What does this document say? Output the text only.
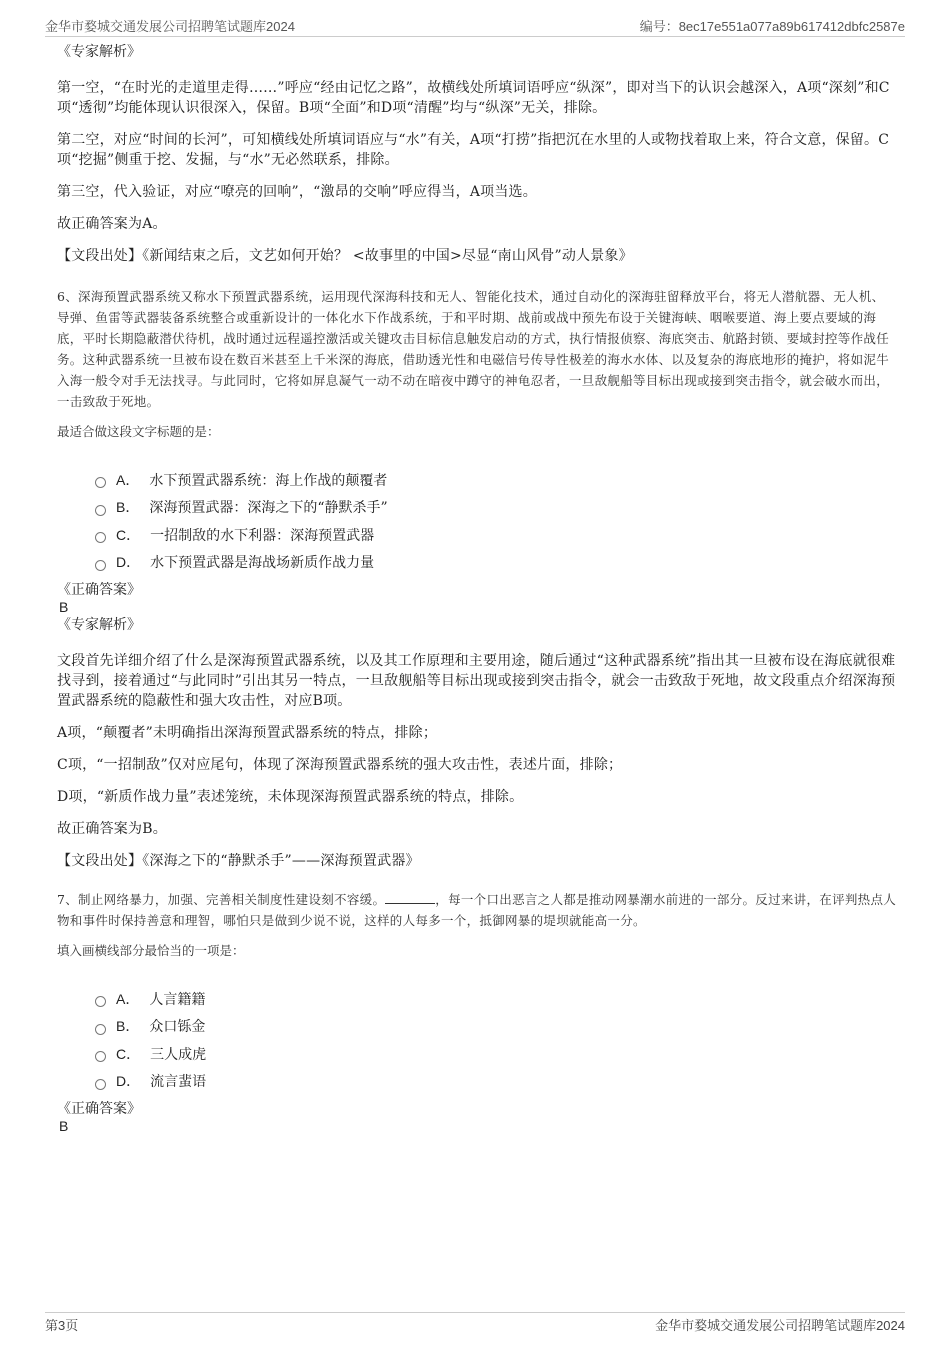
金华市婺城交通发展公司招聘笔试题库2024	编号：8ec17e551a077a89b617412dbfc2587e

《专家解析》

第一空，“在时光的走道里走得……”呼应“经由记忆之路”，故横线处所填词语呼应“纵深”，即对当下的认识会越深入，A项“深刻”和C项“透彻”均能体现认识很深入，保留。B项“全面”和D项“清醒”均与“纵深”无关，排除。

第二空，对应“时间的长河”，可知横线处所填词语应与“水”有关，A项“打捞”指把沉在水里的人或物找着取上来，符合文意，保留。C项“挖掘”侧重于挖、发掘，与“水”无必然联系，排除。

第三空，代入验证，对应“嘹亮的回响”，“激昂的交响”呼应得当，A项当选。

故正确答案为A。

【文段出处】《新闻结束之后，文艺如何开始？ <故事里的中国>尽显“南山风骨”动人景象》

6、深海预置武器系统又称水下预置武器系统，运用现代深海科技和无人、智能化技术，通过自动化的深海驻留释放平台，将无人潜航器、无人机、导弹、鱼雷等武器装备系统整合或重新设计的一体化水下作战系统，于和平时期、战前或战中预先布设于关键海峡、咽喉要道、海上要点要域的海底，平时长期隐蔽潜伏待机，战时通过远程遥控激活或关键攻击目标信息触发启动的方式，执行情报侦察、海底突击、航路封锁、要域封控等作战任务。这种武器系统一旦被布设在数百米甚至上千米深的海底，借助透光性和电磁信号传导性极差的海水水体、以及复杂的海底地形的掩护，将如泥牛入海一般令对手无法找寻。与此同时，它将如屏息凝气一动不动在暗夜中蹲守的神龟忍者，一旦敌舰船等目标出现或接到突击指令，就会破水而出，一击致敌于死地。

最适合做这段文字标题的是：

A． 水下预置武器系统：海上作战的颠覆者
B． 深海预置武器：深海之下的“静默杀手”
C． 一招制敌的水下利器：深海预置武器
D． 水下预置武器是海战场新质作战力量

《正确答案》

B

《专家解析》

文段首先详细介绍了什么是深海预置武器系统，以及其工作原理和主要用途，随后通过“这种武器系统”指出其一旦被布设在海底就很难找寻到，接着通过“与此同时”引出其另一特点，一旦敌舰船等目标出现或接到突击指令，就会一击致敌于死地，故文段重点介绍深海预置武器系统的隐蔽性和强大攻击性，对应B项。

A项，“颠覆者”未明确指出深海预置武器系统的特点，排除；

C项，“一招制敌”仅对应尾句，体现了深海预置武器系统的强大攻击性，表述片面，排除；

D项，“新质作战力量”表述笼统，未体现深海预置武器系统的特点，排除。

故正确答案为B。

【文段出处】《深海之下的“静默杀手”——深海预置武器》

7、制止网络暴力，加强、完善相关制度性建设刻不容缓。	，每一个口出恶言之人都是推动网暴潮水前进的一部分。反过来讲，在评判热点人物和事件时保持善意和理智，哪怕只是做到少说不说，这样的人每多一个，抵御网暴的堤坝就能高一分。

填入画横线部分最恰当的一项是：

A． 人言籍籍
B． 众口铄金
C． 三人成虎
D． 流言蜚语

《正确答案》

B

第3页	金华市婺城交通发展公司招聘笔试题库2024
